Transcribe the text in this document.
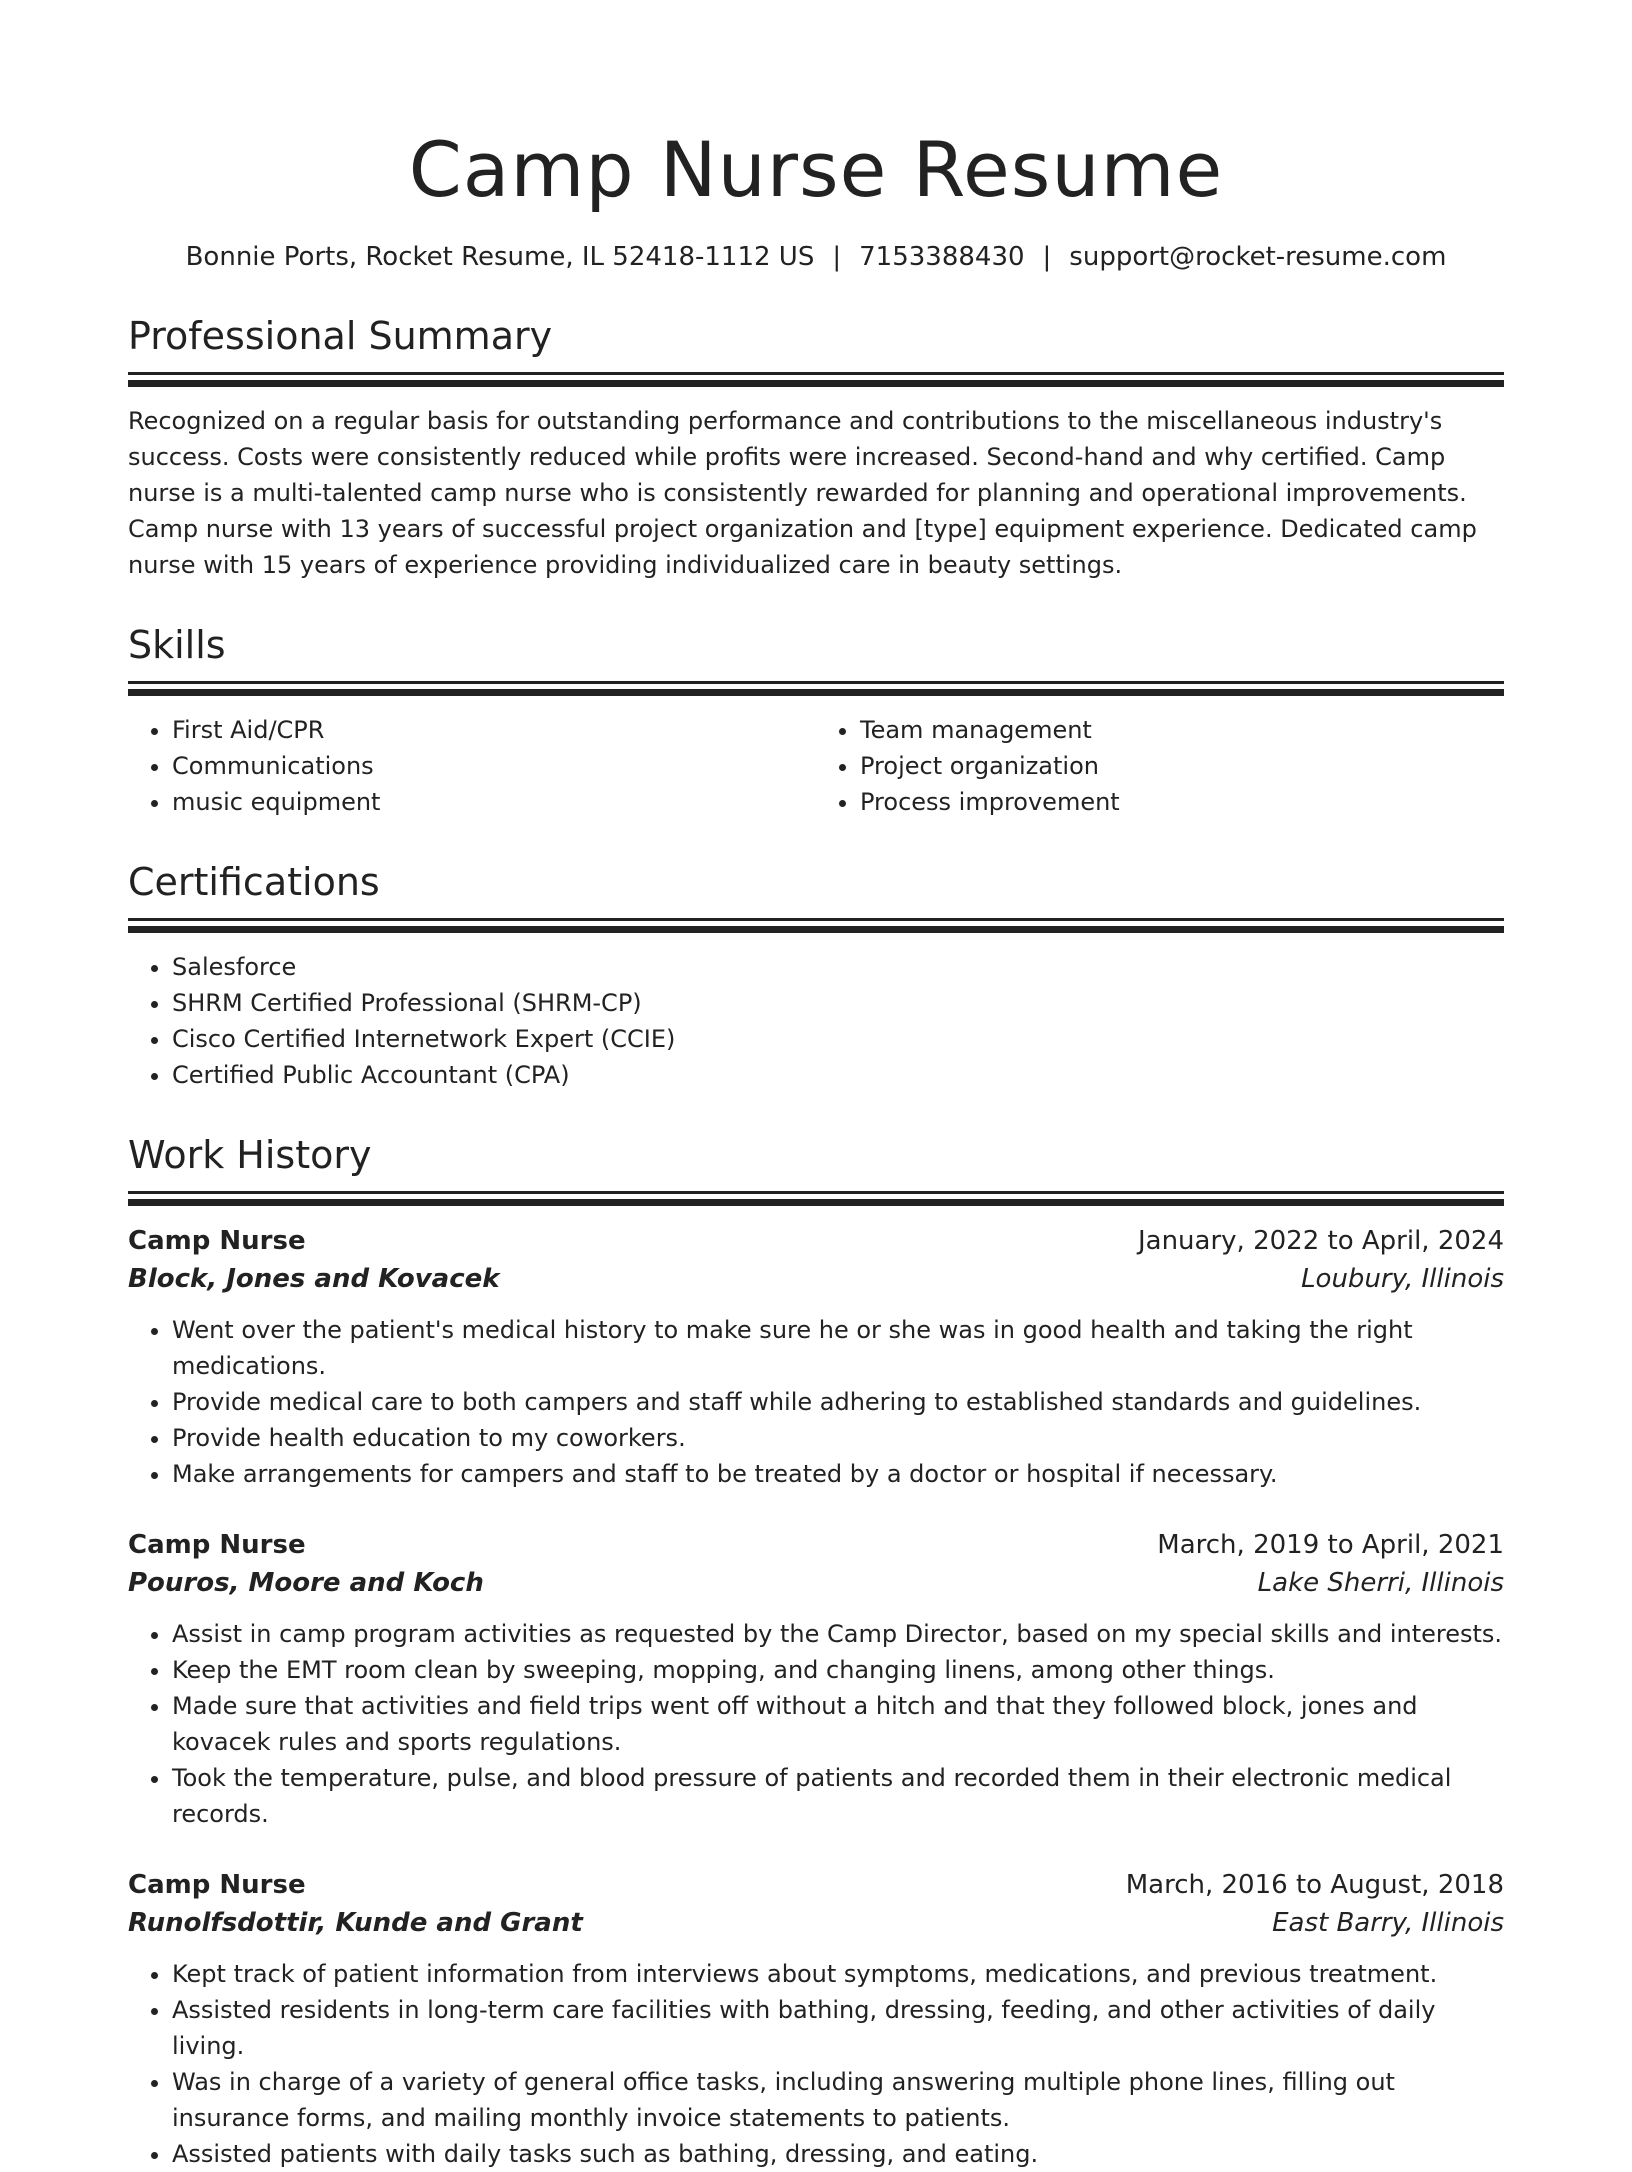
Camp Nurse Resume
Bonnie Ports, Rocket Resume, IL 52418-1112 US | 7153388430 | support@rocket-resume.com
Professional Summary

Recognized on a regular basis for outstanding performance and contributions to the miscellaneous industry's success. Costs were consistently reduced while profits were increased. Second-hand and why certified. Camp nurse is a multi-talented camp nurse who is consistently rewarded for planning and operational improvements. Camp nurse with 13 years of successful project organization and [type] equipment experience. Dedicated camp nurse with 15 years of experience providing individualized care in beauty settings.

Skills
• First Aid/CPR
• Communications
• music equipment
• Team management
• Project organization
• Process improvement
Certifications
• Salesforce
• SHRM Certified Professional (SHRM-CP)
• Cisco Certified Internetwork Expert (CCIE)
• Certified Public Accountant (CPA)
Work History
Camp Nurse	January, 2022 to April, 2024
Block, Jones and Kovacek	Loubury, Illinois
• Went over the patient's medical history to make sure he or she was in good health and taking the right medications.
• Provide medical care to both campers and staff while adhering to established standards and guidelines.
• Provide health education to my coworkers.
• Make arrangements for campers and staff to be treated by a doctor or hospital if necessary.
Camp Nurse	March, 2019 to April, 2021
Pouros, Moore and Koch	Lake Sherri, Illinois
• Assist in camp program activities as requested by the Camp Director, based on my special skills and interests.
• Keep the EMT room clean by sweeping, mopping, and changing linens, among other things.
• Made sure that activities and field trips went off without a hitch and that they followed block, jones and kovacek rules and sports regulations.
• Took the temperature, pulse, and blood pressure of patients and recorded them in their electronic medical records.
Camp Nurse	March, 2016 to August, 2018
Runolfsdottir, Kunde and Grant	East Barry, Illinois
• Kept track of patient information from interviews about symptoms, medications, and previous treatment.
• Assisted residents in long-term care facilities with bathing, dressing, feeding, and other activities of daily living.
• Was in charge of a variety of general office tasks, including answering multiple phone lines, filling out insurance forms, and mailing monthly invoice statements to patients.
• Assisted patients with daily tasks such as bathing, dressing, and eating.
